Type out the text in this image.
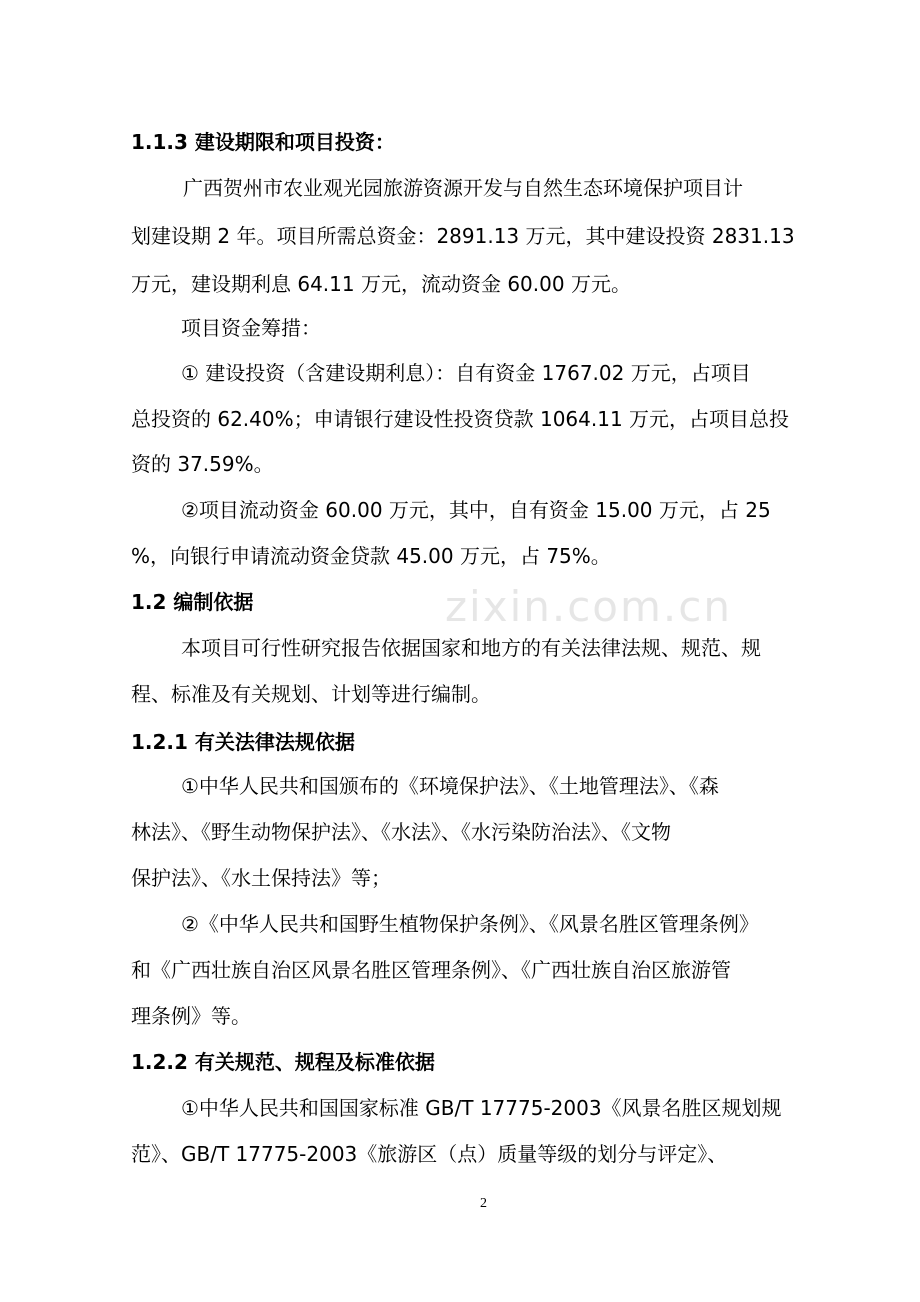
zixin.com.cn
1.1.3 建设期限和项目投资：
广西贺州市农业观光园旅游资源开发与自然生态环境保护项目计
划建设期 2 年。项目所需总资金：2891.13 万元，其中建设投资 2831.13
万元，建设期利息 64.11 万元，流动资金 60.00 万元。
项目资金筹措：
① 建设投资（含建设期利息）：自有资金 1767.02 万元，占项目
总投资的 62.40%；申请银行建设性投资贷款 1064.11 万元，占项目总投
资的 37.59%。
②项目流动资金 60.00 万元，其中，自有资金 15.00 万元，占 25
%，向银行申请流动资金贷款 45.00 万元，占 75%。
1.2 编制依据
本项目可行性研究报告依据国家和地方的有关法律法规、规范、规
程、标准及有关规划、计划等进行编制。
1.2.1 有关法律法规依据
①中华人民共和国颁布的《环境保护法》、《土地管理法》、《森
林法》、《野生动物保护法》、《水法》、《水污染防治法》、《文物
保护法》、《水土保持法》等；
②《中华人民共和国野生植物保护条例》、《风景名胜区管理条例》
和《广西壮族自治区风景名胜区管理条例》、《广西壮族自治区旅游管
理条例》等。
1.2.2 有关规范、规程及标准依据
①中华人民共和国国家标准 GB/T 17775-2003《风景名胜区规划规
范》、GB/T 17775-2003《旅游区（点）质量等级的划分与评定》、
2
